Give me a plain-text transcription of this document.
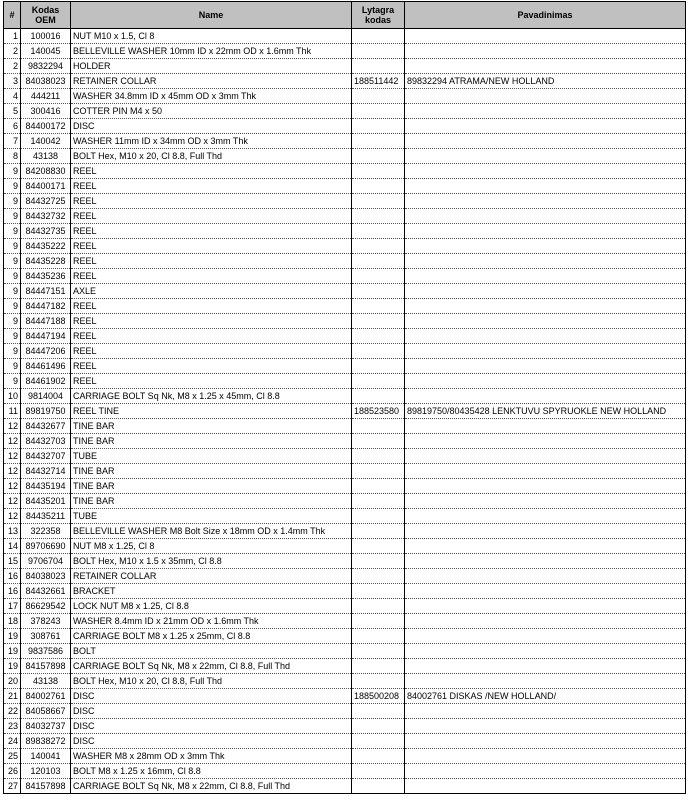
#	Kodas OEM	Name	Lytagra kodas	Pavadinimas
1	100016	NUT M10 x 1.5, Cl 8		
2	140045	BELLEVILLE WASHER 10mm ID x 22mm OD x 1.6mm Thk		
2	9832294	HOLDER		
3	84038023	RETAINER COLLAR	188511442	89832294 ATRAMA/NEW HOLLAND
4	444211	WASHER 34.8mm ID x 45mm OD x 3mm Thk		
5	300416	COTTER PIN M4 x 50		
6	84400172	DISC		
7	140042	WASHER 11mm ID x 34mm OD x 3mm Thk		
8	43138	BOLT Hex, M10 x 20, Cl 8.8, Full Thd		
9	84208830	REEL		
9	84400171	REEL		
9	84432725	REEL		
9	84432732	REEL		
9	84432735	REEL		
9	84435222	REEL		
9	84435228	REEL		
9	84435236	REEL		
9	84447151	AXLE		
9	84447182	REEL		
9	84447188	REEL		
9	84447194	REEL		
9	84447206	REEL		
9	84461496	REEL		
9	84461902	REEL		
10	9814004	CARRIAGE BOLT Sq Nk, M8 x 1.25 x 45mm, Cl 8.8		
11	89819750	REEL TINE	188523580	89819750/80435428 LENKTUVU SPYRUOKLE NEW HOLLAND
12	84432677	TINE BAR		
12	84432703	TINE BAR		
12	84432707	TUBE		
12	84432714	TINE BAR		
12	84435194	TINE BAR		
12	84435201	TINE BAR		
12	84435211	TUBE		
13	322358	BELLEVILLE WASHER M8 Bolt Size x 18mm OD x 1.4mm Thk		
14	89706690	NUT M8 x 1.25, Cl 8		
15	9706704	BOLT Hex, M10 x 1.5 x 35mm, Cl 8.8		
16	84038023	RETAINER COLLAR		
16	84432661	BRACKET		
17	86629542	LOCK NUT M8 x 1.25, Cl 8.8		
18	378243	WASHER 8.4mm ID x 21mm OD x 1.6mm Thk		
19	308761	CARRIAGE BOLT M8 x 1.25 x 25mm, Cl 8.8		
19	9837586	BOLT		
19	84157898	CARRIAGE BOLT Sq Nk, M8 x 22mm, Cl 8.8, Full Thd		
20	43138	BOLT Hex, M10 x 20, Cl 8.8, Full Thd		
21	84002761	DISC	188500208	84002761 DISKAS /NEW HOLLAND/
22	84058667	DISC		
23	84032737	DISC		
24	89838272	DISC		
25	140041	WASHER M8 x 28mm OD x 3mm Thk		
26	120103	BOLT M8 x 1.25 x 16mm, Cl 8.8		
27	84157898	CARRIAGE BOLT Sq Nk, M8 x 22mm, Cl 8.8, Full Thd		
